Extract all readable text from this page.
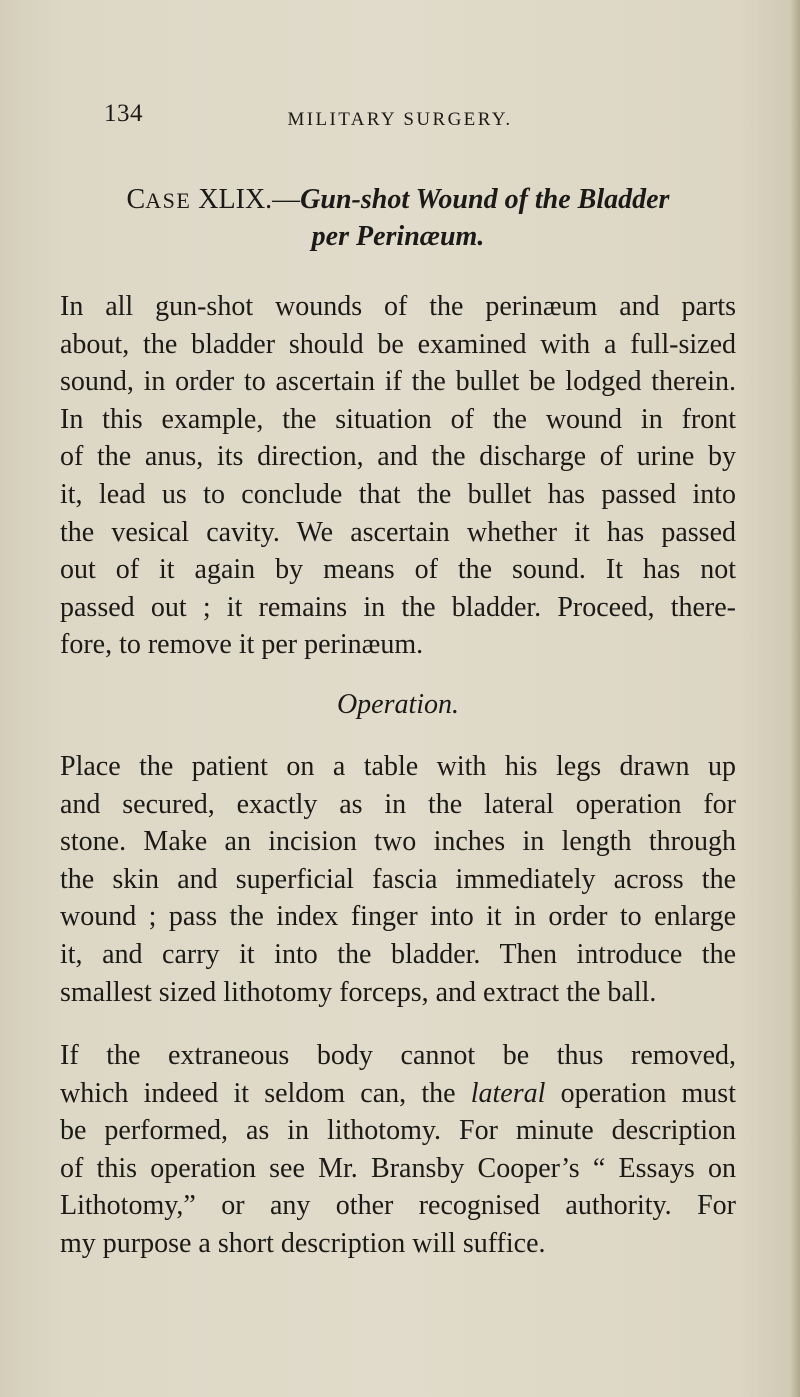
134	MILITARY SURGERY.
CASE XLIX.—Gun-shot Wound of the Bladder
per Perinæum.
In all gun-shot wounds of the perinæum and parts
about, the bladder should be examined with a full-sized
sound, in order to ascertain if the bullet be lodged therein.
In this example, the situation of the wound in front
of the anus, its direction, and the discharge of urine by
it, lead us to conclude that the bullet has passed into
the vesical cavity. We ascertain whether it has passed
out of it again by means of the sound. It has not
passed out ; it remains in the bladder. Proceed, there-
fore, to remove it per perinæum.
Operation.
Place the patient on a table with his legs drawn up
and secured, exactly as in the lateral operation for
stone. Make an incision two inches in length through
the skin and superficial fascia immediately across the
wound ; pass the index finger into it in order to enlarge
it, and carry it into the bladder. Then introduce the
smallest sized lithotomy forceps, and extract the ball.
If the extraneous body cannot be thus removed,
which indeed it seldom can, the lateral operation must
be performed, as in lithotomy. For minute description
of this operation see Mr. Bransby Cooper’s “ Essays on
Lithotomy,” or any other recognised authority. For
my purpose a short description will suffice.
